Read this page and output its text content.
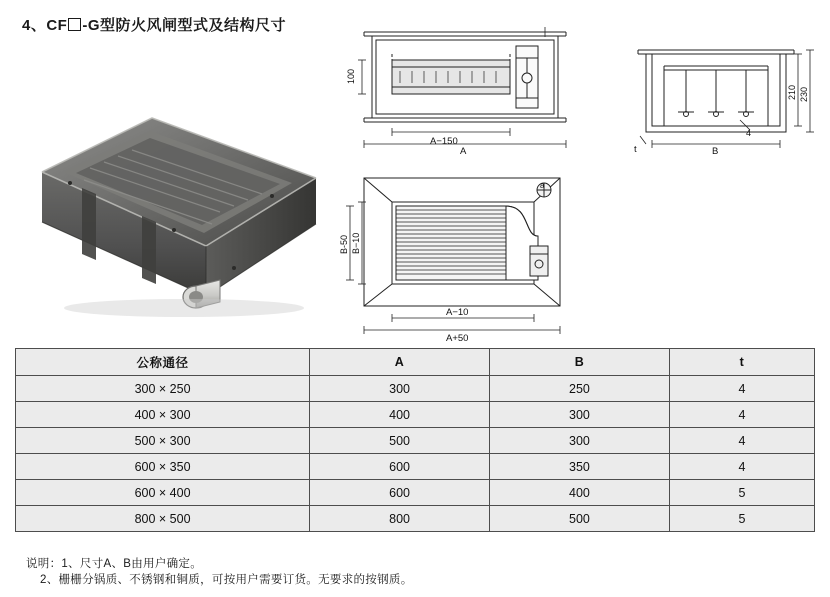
4、CF -G型防火风闸型式及结构尺寸
100
A−150
A
210 230
4
B
t
B-50 B−10
A−10
A+50
a
公称通径	A	B	t
300 × 250	300	250	4
400 × 300	400	300	4
500 × 300	500	300	4
600 × 350	600	350	4
600 × 400	600	400	5
800 × 500	800	500	5
说明：1、尺寸A、B由用户确定。
2、栅栅分锅质、不锈钢和铜质，可按用户需要订货。无要求的按钢质。
